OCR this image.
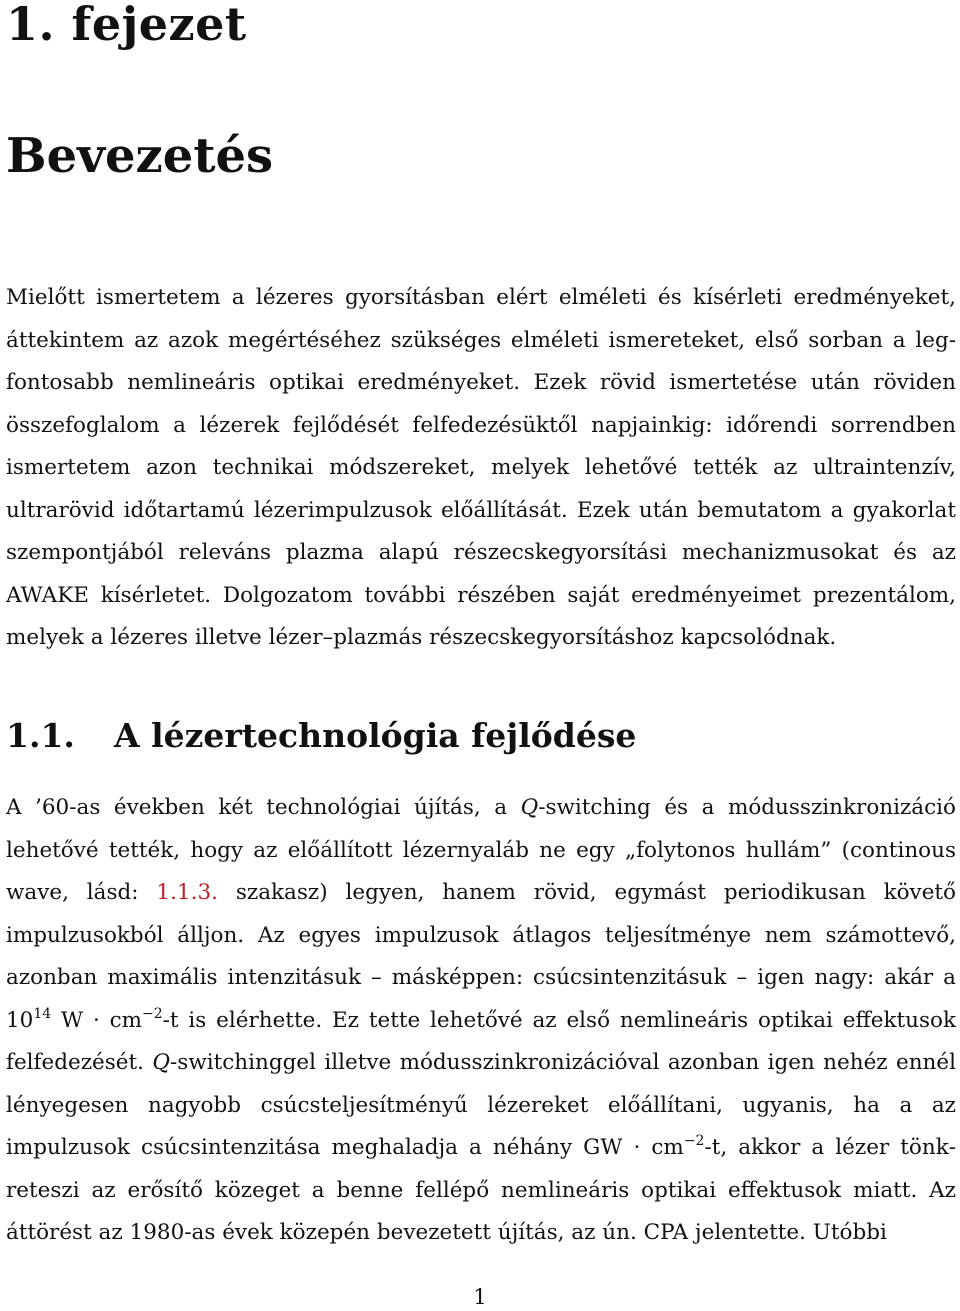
1. fejezet
Bevezetés

Mielőtt ismertetem a lézeres gyorsításban elért elméleti és kísérleti eredményeket, áttekintem az azok megértéséhez szükséges elméleti ismereteket, első sorban a legfontosabb nemlineáris optikai eredményeket. Ezek rövid ismertetése után röviden összefoglalom a lézerek fejlődését felfedezésüktől napjainkig: időrendi sorrendben ismertetem azon technikai módszereket, melyek lehetővé tették az ultraintenzív, ultrarövid időtartamú lézerimpulzusok előállítását. Ezek után bemutatom a gyakorlat szempontjából releváns plazma alapú részecskegyorsítási mechanizmusokat és az AWAKE kísérletet. Dolgozatom további részében saját eredményeimet prezentálom, melyek a lézeres illetve lézer–plazmás részecskegyorsításhoz kapcsolódnak.

1.1. A lézertechnológia fejlődése

A ’60-as években két technológiai újítás, a Q-switching és a módusszinkronizáció lehetővé tették, hogy az előállított lézernyaláb ne egy „folytonos hullám” (continous wave, lásd: 1.1.3. szakasz) legyen, hanem rövid, egymást periodikusan követő impulzusokból álljon. Az egyes impulzusok átlagos teljesítménye nem számottevő, azonban maximális intenzitásuk – másképpen: csúcsintenzitásuk – igen nagy: akár a $10^{14}$ $W \cdot cm^{-2}-t$ is elérhette. Ez tette lehetővé az első nemlineáris optikai effektusok felfedezését. Q-switchinggel illetve módusszinkronizációval azonban igen nehéz ennél lényegesen nagyobb csúcsteljesítményű lézereket előállítani, ugyanis, ha a az impulzusok csúcsintenzitása meghaladja a néhány GW · $cm^{-2}-t$, akkor a lézer tönkreteszi az erősítő közeget a benne fellépő nemlineáris optikai effektusok miatt. Az áttörést az 1980-as évek közepén bevezetett újítás, az ún. CPA jelentette. Utóbbi

1
